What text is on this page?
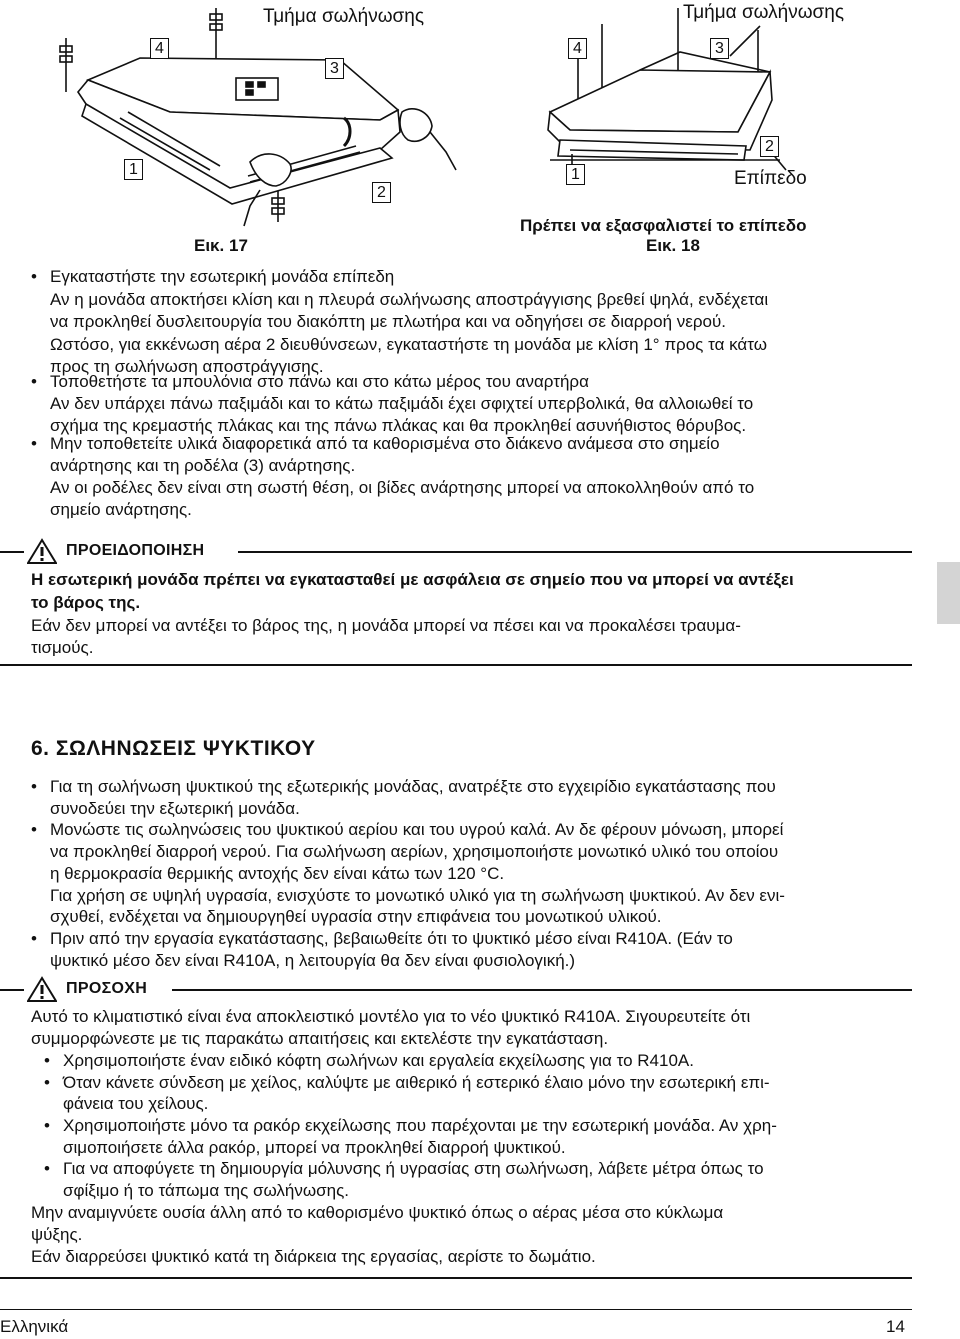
Τμήμα σωλήνωσης
4
3
1
2
Εικ. 17
Τμήμα σωλήνωσης
4	3
2
1	Επίπεδο
Πρέπει να εξασφαλιστεί το επίπεδο
Εικ. 18
• Εγκαταστήστε την εσωτερική μονάδα επίπεδη
Αν η μονάδα αποκτήσει κλίση και η πλευρά σωλήνωσης αποστράγγισης βρεθεί ψηλά, ενδέχεται
να προκληθεί δυσλειτουργία του διακόπτη με πλωτήρα και να οδηγήσει σε διαρροή νερού.
Ωστόσο, για εκκένωση αέρα 2 διευθύνσεων, εγκαταστήστε τη μονάδα με κλίση 1° προς τα κάτω
προς τη σωλήνωση αποστράγγισης.
• Τοποθετήστε τα μπουλόνια στο πάνω και στο κάτω μέρος του αναρτήρα
Αν δεν υπάρχει πάνω παξιμάδι και το κάτω παξιμάδι έχει σφιχτεί υπερβολικά, θα αλλοιωθεί το
σχήμα της κρεμαστής πλάκας και της πάνω πλάκας και θα προκληθεί ασυνήθιστος θόρυβος.
• Μην τοποθετείτε υλικά διαφορετικά από τα καθορισμένα στο διάκενο ανάμεσα στο σημείο
ανάρτησης και τη ροδέλα (3) ανάρτησης.
Αν οι ροδέλες δεν είναι στη σωστή θέση, οι βίδες ανάρτησης μπορεί να αποκολληθούν από το
σημείο ανάρτησης.
ΠΡΟΕΙΔΟΠΟΙΗΣΗ
Η εσωτερική μονάδα πρέπει να εγκατασταθεί με ασφάλεια σε σημείο που να μπορεί να αντέξει
το βάρος της.
Εάν δεν μπορεί να αντέξει το βάρος της, η μονάδα μπορεί να πέσει και να προκαλέσει τραυμα-
τισμούς.
6. ΣΩΛΗΝΩΣΕΙΣ ΨΥΚΤΙΚΟΥ
• Για τη σωλήνωση ψυκτικού της εξωτερικής μονάδας, ανατρέξτε στο εγχειρίδιο εγκατάστασης που
συνοδεύει την εξωτερική μονάδα.
• Μονώστε τις σωληνώσεις του ψυκτικού αερίου και του υγρού καλά. Αν δε φέρουν μόνωση, μπορεί
να προκληθεί διαρροή νερού. Για σωλήνωση αερίων, χρησιμοποιήστε μονωτικό υλικό του οποίου
η θερμοκρασία θερμικής αντοχής δεν είναι κάτω των 120 °C.
Για χρήση σε υψηλή υγρασία, ενισχύστε το μονωτικό υλικό για τη σωλήνωση ψυκτικού. Αν δεν ενι-
σχυθεί, ενδέχεται να δημιουργηθεί υγρασία στην επιφάνεια του μονωτικού υλικού.
• Πριν από την εργασία εγκατάστασης, βεβαιωθείτε ότι το ψυκτικό μέσο είναι R410A. (Εάν το
ψυκτικό μέσο δεν είναι R410A, η λειτουργία θα δεν είναι φυσιολογική.)
ΠΡΟΣΟΧΗ
Αυτό το κλιματιστικό είναι ένα αποκλειστικό μοντέλο για το νέο ψυκτικό R410A. Σιγουρευτείτε ότι
συμμορφώνεστε με τις παρακάτω απαιτήσεις και εκτελέστε την εγκατάσταση.
• Χρησιμοποιήστε έναν ειδικό κόφτη σωλήνων και εργαλεία εκχείλωσης για το R410A.
• Όταν κάνετε σύνδεση με χείλος, καλύψτε με αιθερικό ή εστερικό έλαιο μόνο την εσωτερική επι-
φάνεια του χείλους.
• Χρησιμοποιήστε μόνο τα ρακόρ εκχείλωσης που παρέχονται με την εσωτερική μονάδα. Αν χρη-
σιμοποιήσετε άλλα ρακόρ, μπορεί να προκληθεί διαρροή ψυκτικού.
• Για να αποφύγετε τη δημιουργία μόλυνσης ή υγρασίας στη σωλήνωση, λάβετε μέτρα όπως το
σφίξιμο ή το τάπωμα της σωλήνωσης.
Μην αναμιγνύετε ουσία άλλη από το καθορισμένο ψυκτικό όπως ο αέρας μέσα στο κύκλωμα
ψύξης.
Εάν διαρρεύσει ψυκτικό κατά τη διάρκεια της εργασίας, αερίστε το δωμάτιο.
Ελληνικά	14
